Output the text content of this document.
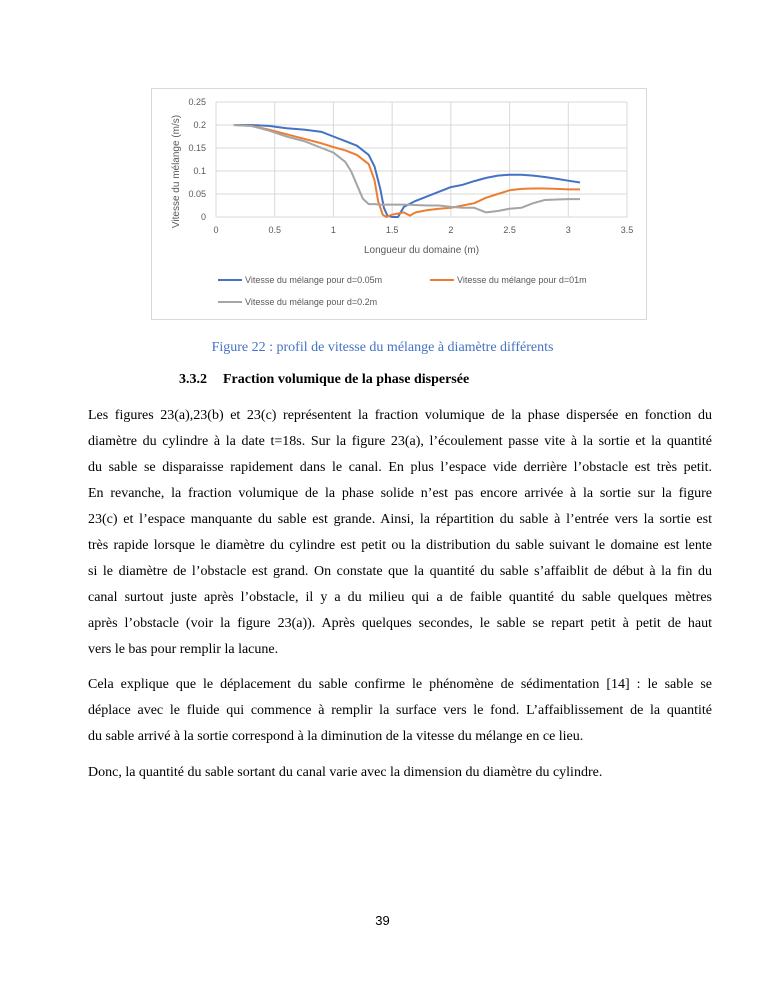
0
0.05
0.1
0.15
0.2
0.25
0	0.5	1	1.5	2	2.5	3	3.5
Longueur du domaine (m)
Vitesse du mélange (m/s)
Vitesse du mélange pour d=0.05m	Vitesse du mélange pour d=01m
Vitesse du mélange pour d=0.2m
Figure 22 : profil de vitesse du mélange à diamètre différents
3.3.2 Fraction volumique de la phase dispersée
Les figures 23(a),23(b) et 23(c) représentent la fraction volumique de la phase dispersée en fonction du
diamètre du cylindre à la date t=18s. Sur la figure 23(a), l’écoulement passe vite à la sortie et la quantité
du sable se disparaisse rapidement dans le canal. En plus l’espace vide derrière l’obstacle est très petit.
En revanche, la fraction volumique de la phase solide n’est pas encore arrivée à la sortie sur la figure
23(c) et l’espace manquante du sable est grande. Ainsi, la répartition du sable à l’entrée vers la sortie est
très rapide lorsque le diamètre du cylindre est petit ou la distribution du sable suivant le domaine est lente
si le diamètre de l’obstacle est grand. On constate que la quantité du sable s’affaiblit de début à la fin du
canal surtout juste après l’obstacle, il y a du milieu qui a de faible quantité du sable quelques mètres
après l’obstacle (voir la figure 23(a)). Après quelques secondes, le sable se repart petit à petit de haut
vers le bas pour remplir la lacune.
Cela explique que le déplacement du sable confirme le phénomène de sédimentation [14] : le sable se
déplace avec le fluide qui commence à remplir la surface vers le fond. L’affaiblissement de la quantité
du sable arrivé à la sortie correspond à la diminution de la vitesse du mélange en ce lieu.
Donc, la quantité du sable sortant du canal varie avec la dimension du diamètre du cylindre.
39
